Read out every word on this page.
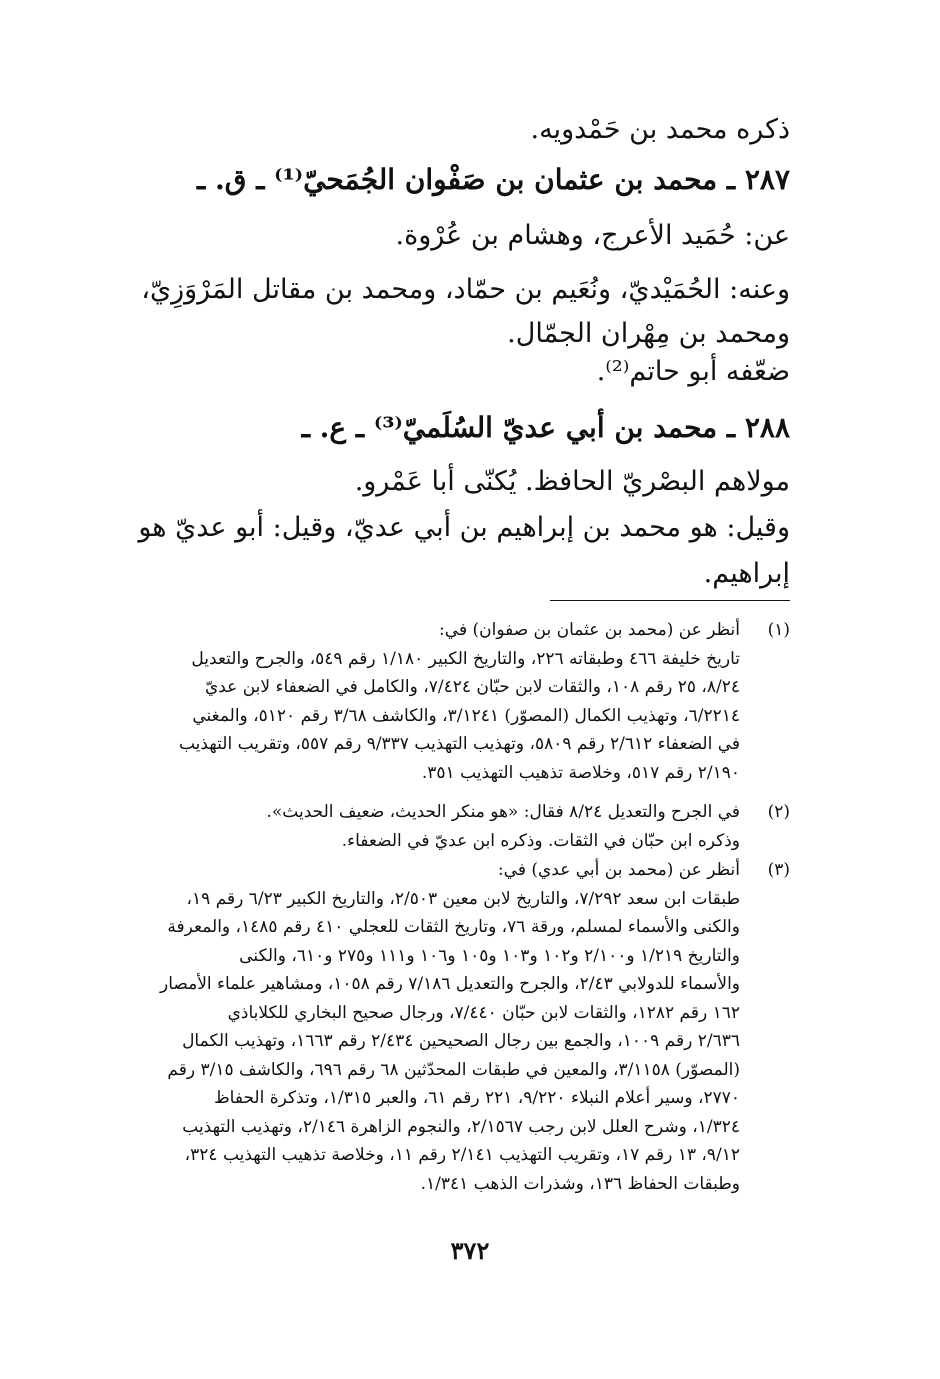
ذكره محمد بن حَمْدويه.

٢٨٧ ـ محمد بن عثمان بن صَفْوان الجُمَحيّ⁽¹⁾ ـ ق. ـ

عن: حُمَيد الأعرج، وهشام بن عُرْوة.

وعنه: الحُمَيْديّ، ونُعَيم بن حمّاد، ومحمد بن مقاتل المَرْوَزِيّ،

ومحمد بن مِهْران الجمّال.

ضعّفه أبو حاتم⁽²⁾.

٢٨٨ ـ محمد بن أبي عديّ السُلَميّ⁽³⁾ ـ ع. ـ

مولاهم البصْريّ الحافظ. يُكنّى أبا عَمْرو.

وقيل: هو محمد بن إبراهيم بن أبي عديّ، وقيل: أبو عديّ هو

إبراهيم.

(١)
أنظر عن (محمد بن عثمان بن صفوان) في:
تاريخ خليفة ٤٦٦ وطبقاته ٢٢٦، والتاريخ الكبير ١/١٨٠ رقم ٥٤٩، والجرح والتعديل
٨/٢٤، ٢٥ رقم ١٠٨، والثقات لابن حبّان ٧/٤٢٤، والكامل في الضعفاء لابن عديّ
٦/٢٢١٤، وتهذيب الكمال (المصوّر) ٣/١٢٤١، والكاشف ٣/٦٨ رقم ٥١٢٠، والمغني
في الضعفاء ٢/٦١٢ رقم ٥٨٠٩، وتهذيب التهذيب ٩/٣٣٧ رقم ٥٥٧، وتقريب التهذيب
٢/١٩٠ رقم ٥١٧، وخلاصة تذهيب التهذيب ٣٥١.
(٢)
في الجرح والتعديل ٨/٢٤ فقال: «هو منكر الحديث، ضعيف الحديث».
وذكره ابن حبّان في الثقات. وذكره ابن عديّ في الضعفاء.
(٣)
أنظر عن (محمد بن أبي عدي) في:
طبقات ابن سعد ٧/٢٩٢، والتاريخ لابن معين ٢/٥٠٣، والتاريخ الكبير ٦/٢٣ رقم ١٩،
والكنى والأسماء لمسلم، ورقة ٧٦، وتاريخ الثقات للعجلي ٤١٠ رقم ١٤٨٥، والمعرفة
والتاريخ ١/٢١٩ و٢/١٠٠ و١٠٢ و١٠٣ و١٠٥ و١٠٦ و١١١ و٢٧٥ و٦١٠، والكنى
والأسماء للدولابي ٢/٤٣، والجرح والتعديل ٧/١٨٦ رقم ١٠٥٨، ومشاهير علماء الأمصار
١٦٢ رقم ١٢٨٢، والثقات لابن حبّان ٧/٤٤٠، ورجال صحيح البخاري للكلاباذي
٢/٦٣٦ رقم ١٠٠٩، والجمع بين رجال الصحيحين ٢/٤٣٤ رقم ١٦٦٣، وتهذيب الكمال
(المصوّر) ٣/١١٥٨، والمعين في طبقات المحدّثين ٦٨ رقم ٦٩٦، والكاشف ٣/١٥ رقم
٢٧٧٠، وسير أعلام النبلاء ٩/٢٢٠، ٢٢١ رقم ٦١، والعبر ١/٣١٥، وتذكرة الحفاظ
١/٣٢٤، وشرح العلل لابن رجب ٢/١٥٦٧، والنجوم الزاهرة ٢/١٤٦، وتهذيب التهذيب
٩/١٢، ١٣ رقم ١٧، وتقريب التهذيب ٢/١٤١ رقم ١١، وخلاصة تذهيب التهذيب ٣٢٤،
وطبقات الحفاظ ١٣٦، وشذرات الذهب ١/٣٤١.
٣٧٢
